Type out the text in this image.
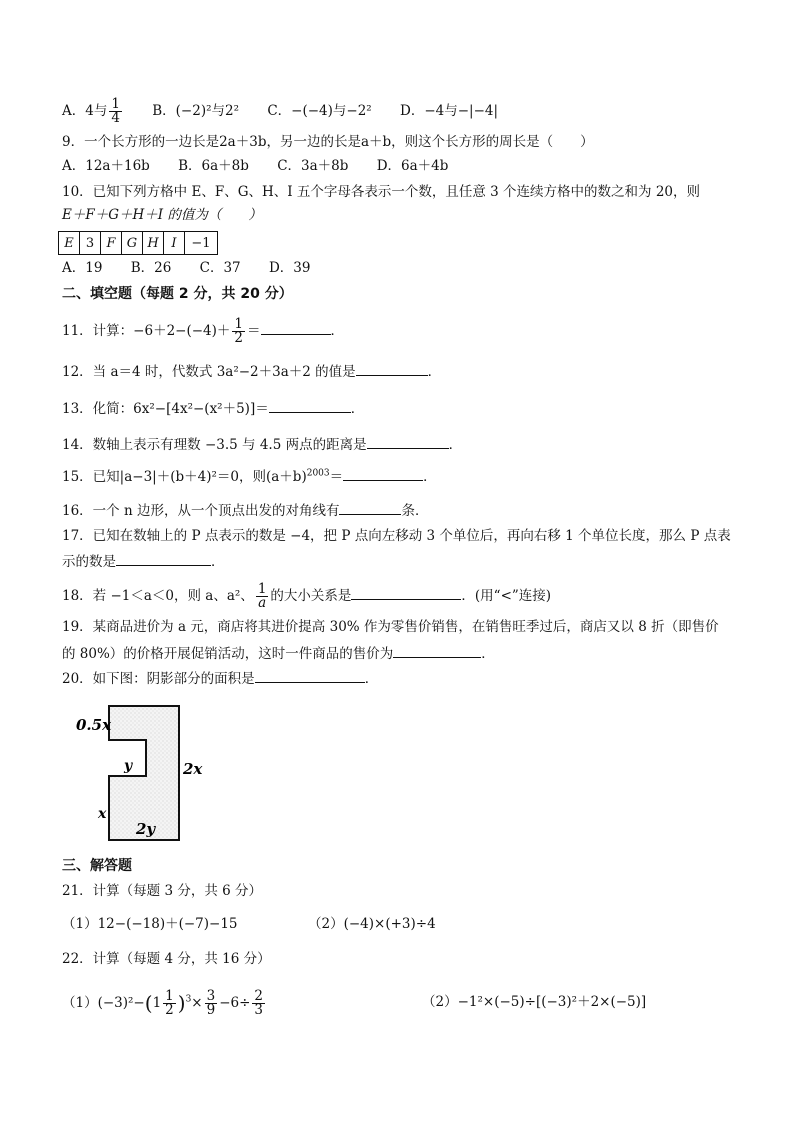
A．4与 $\frac{1}{4}$ B．(−2)²与2² C．−(−4)与−2² D．−4与−|−4|
9．一个长方形的一边长是2a＋3b，另一边的长是a＋b，则这个长方形的周长是（　　）
A．12a＋16b B．6a＋8b C．3a＋8b D．6a＋4b
10．已知下列方格中 E、F、G、H、I 五个字母各表示一个数，且任意 3 个连续方格中的数之和为 20，则
E＋F＋G＋H＋I 的值为（　　）
E	3	F	G	H	I	−1
A．19 B．26 C．37 D．39
二、填空题（每题 2 分，共 20 分）
11．计算：$-6+2-(-4)+ \frac{1}{2}$ ＝	．
12．当 a＝4 时，代数式 3a²−2＋3a＋2 的值是	．
13．化简：6x²−[4x²−(x²＋5)]＝	．
14．数轴上表示有理数 −3.5 与 4.5 两点的距离是	．
15．已知|a−3|＋(b＋4)²＝0，则$(a+b)^{2003}=$	．
16．一个 n 边形，从一个顶点出发的对角线有	条．
17．已知在数轴上的 P 点表示的数是 −4，把 P 点向左移动 3 个单位后，再向右移 1 个单位长度，那么 P 点表
示的数是	．
18．若 −1＜a＜0，则 a、a²、 $\frac{1}{a}$ 的大小关系是	．(用“<”连接)
19．某商品进价为 a 元，商店将其进价提高 30% 作为零售价销售，在销售旺季过后，商店又以 8 折（即售价
的 80%）的价格开展促销活动，这时一件商品的售价为	．
20．如下图：阴影部分的面积是	．
0.5x
y	2x
x
2y
三、解答题
21．计算（每题 3 分，共 6 分）
（1）12−(−18)＋(−7)−15	（2）(−4)×(+3)÷4
22．计算（每题 4 分，共 16 分）
$(1)(-3)^2-(1 \frac{1}{2} )^3\times \frac{3}{9} -6\div \frac{2}{3}$	（2）−1²×(−5)÷[(−3)²＋2×(−5)]
